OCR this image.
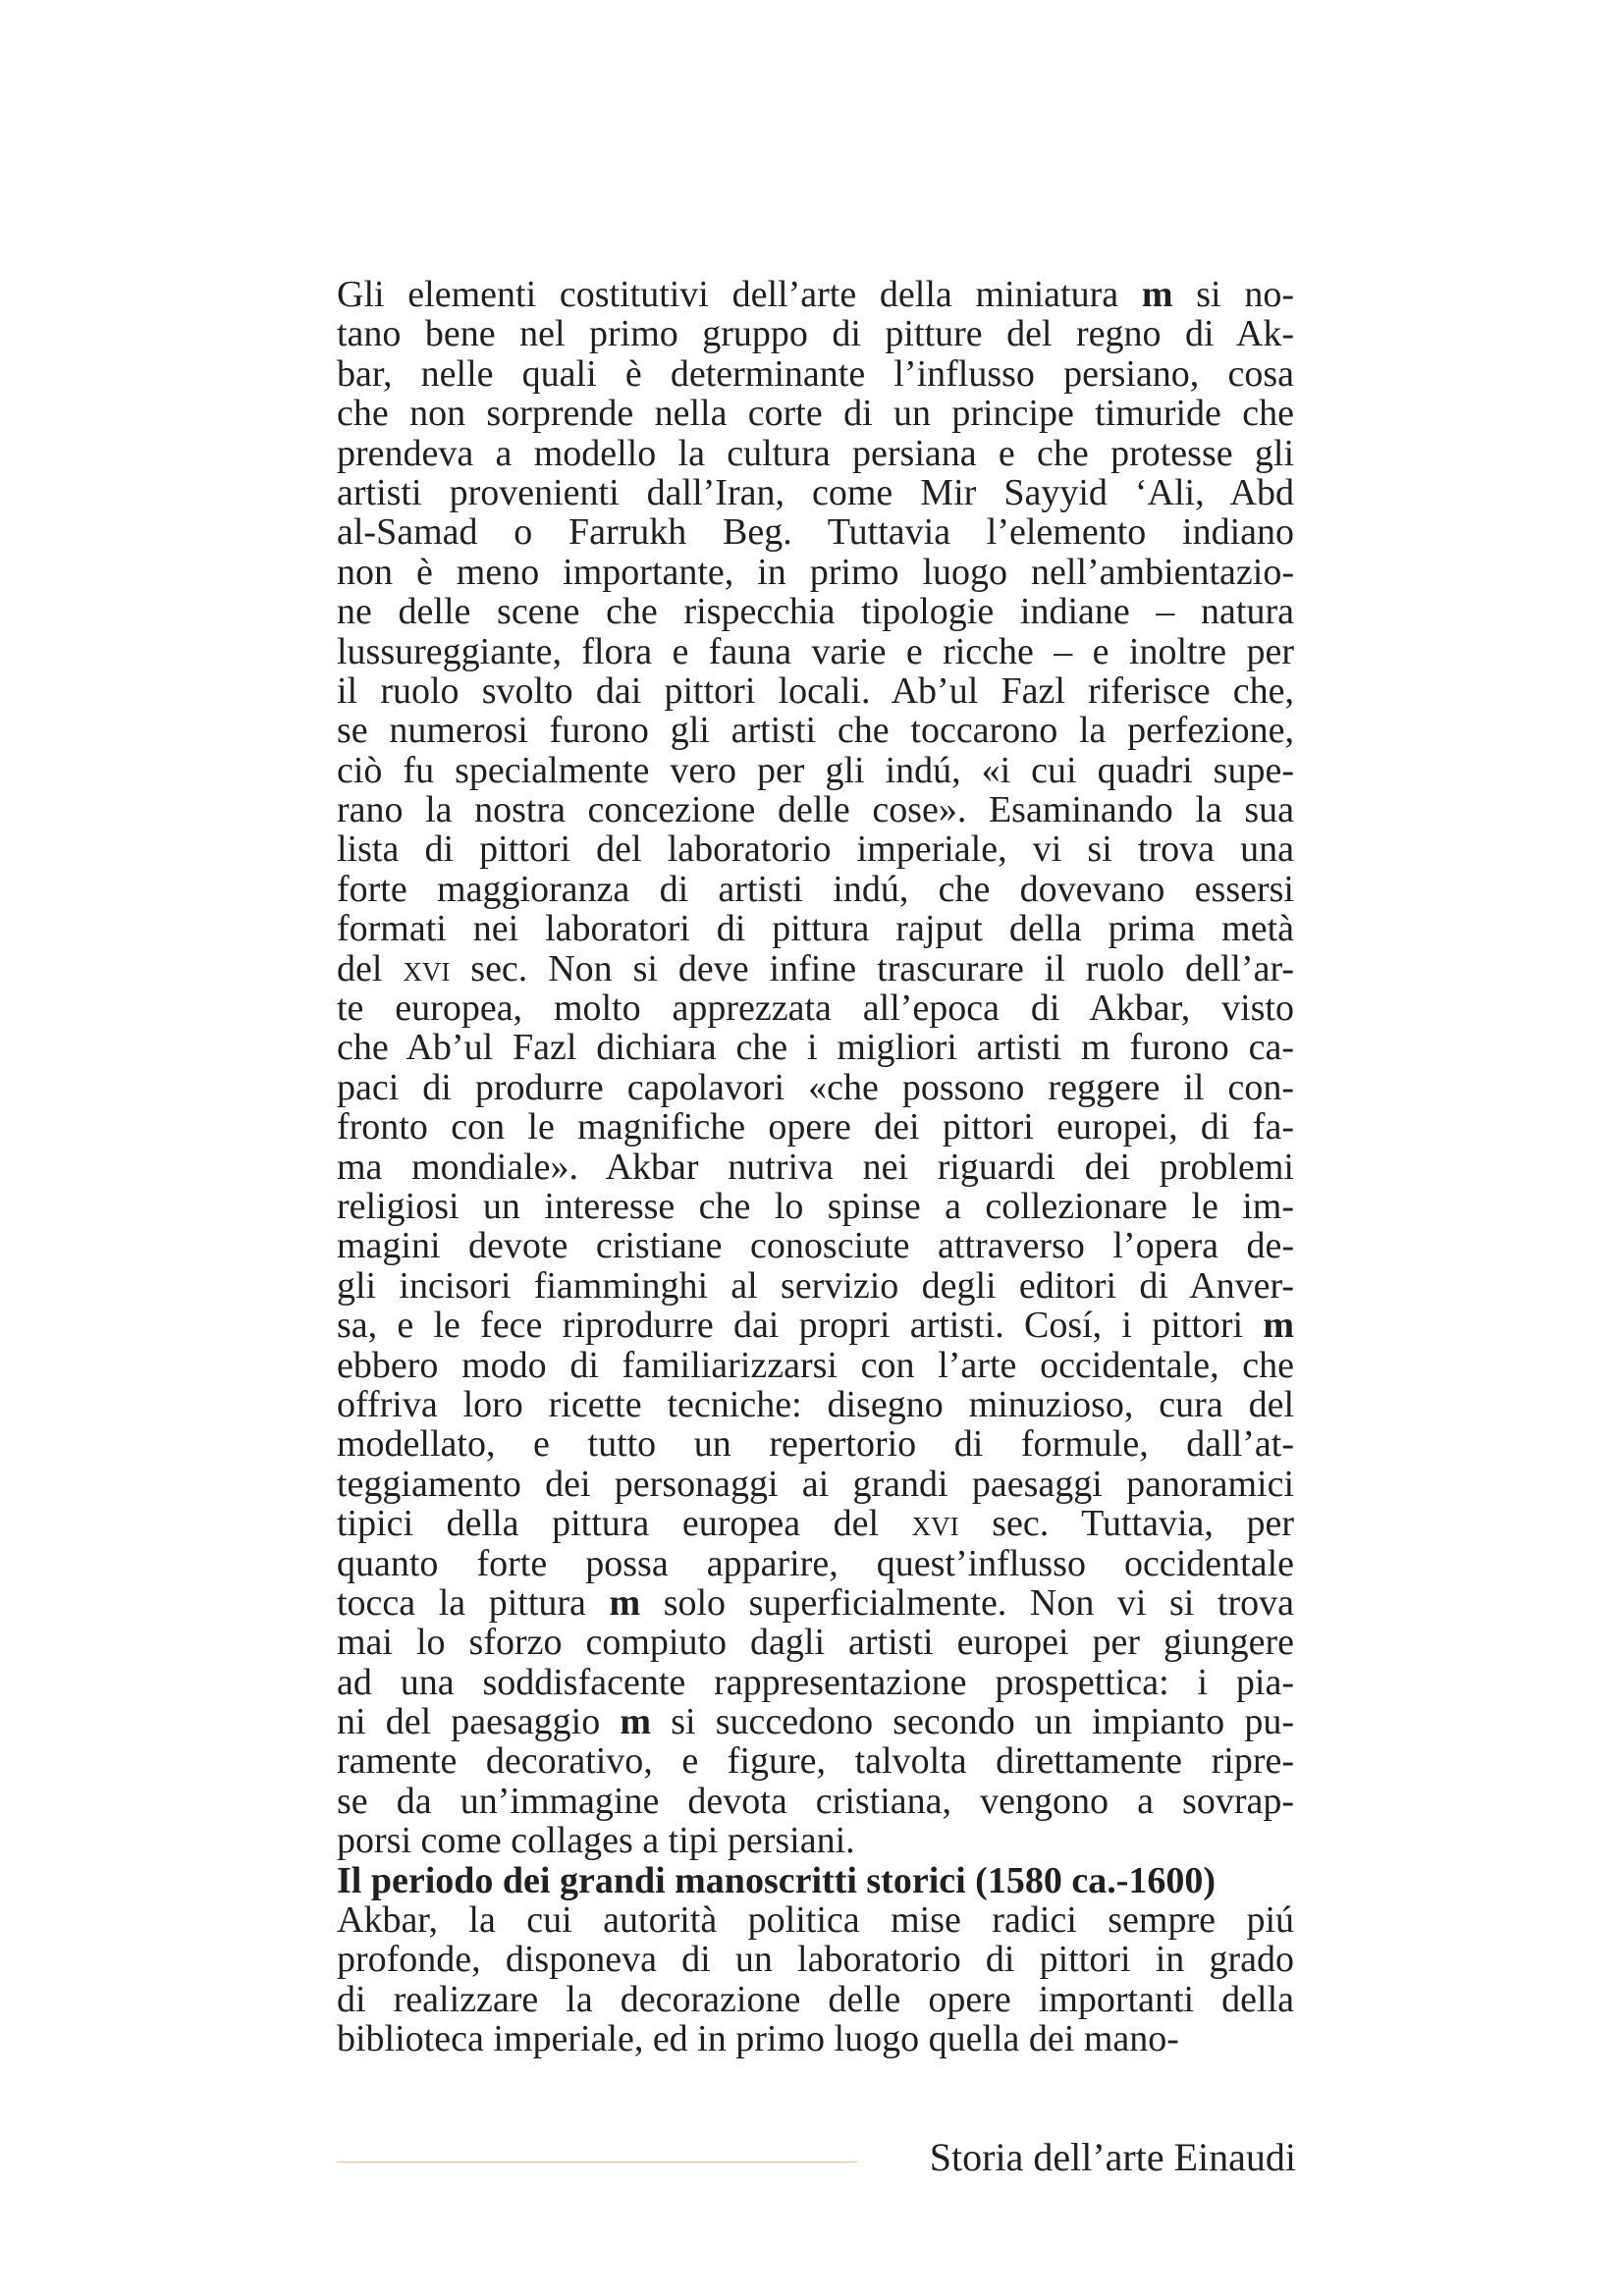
Gli elementi costitutivi dell’arte della miniatura m si no-
tano bene nel primo gruppo di pitture del regno di Ak-
bar, nelle quali è determinante l’influsso persiano, cosa
che non sorprende nella corte di un principe timuride che
prendeva a modello la cultura persiana e che protesse gli
artisti provenienti dall’Iran, come Mir Sayyid ‘Ali, Abd
al-Samad o Farrukh Beg. Tuttavia l’elemento indiano
non è meno importante, in primo luogo nell’ambientazio-
ne delle scene che rispecchia tipologie indiane – natura
lussureggiante, flora e fauna varie e ricche – e inoltre per
il ruolo svolto dai pittori locali. Ab’ul Fazl riferisce che,
se numerosi furono gli artisti che toccarono la perfezione,
ciò fu specialmente vero per gli indú, «i cui quadri supe-
rano la nostra concezione delle cose». Esaminando la sua
lista di pittori del laboratorio imperiale, vi si trova una
forte maggioranza di artisti indú, che dovevano essersi
formati nei laboratori di pittura rajput della prima metà
del xvi sec. Non si deve infine trascurare il ruolo dell’ar-
te europea, molto apprezzata all’epoca di Akbar, visto
che Ab’ul Fazl dichiara che i migliori artisti m furono ca-
paci di produrre capolavori «che possono reggere il con-
fronto con le magnifiche opere dei pittori europei, di fa-
ma mondiale». Akbar nutriva nei riguardi dei problemi
religiosi un interesse che lo spinse a collezionare le im-
magini devote cristiane conosciute attraverso l’opera de-
gli incisori fiamminghi al servizio degli editori di Anver-
sa, e le fece riprodurre dai propri artisti. Cosí, i pittori m
ebbero modo di familiarizzarsi con l’arte occidentale, che
offriva loro ricette tecniche: disegno minuzioso, cura del
modellato, e tutto un repertorio di formule, dall’at-
teggiamento dei personaggi ai grandi paesaggi panoramici
tipici della pittura europea del xvi sec. Tuttavia, per
quanto forte possa apparire, quest’influsso occidentale
tocca la pittura m solo superficialmente. Non vi si trova
mai lo sforzo compiuto dagli artisti europei per giungere
ad una soddisfacente rappresentazione prospettica: i pia-
ni del paesaggio m si succedono secondo un impianto pu-
ramente decorativo, e figure, talvolta direttamente ripre-
se da un’immagine devota cristiana, vengono a sovrap-
porsi come collages a tipi persiani.
Il periodo dei grandi manoscritti storici (1580 ca.-1600)
Akbar, la cui autorità politica mise radici sempre piú
profonde, disponeva di un laboratorio di pittori in grado
di realizzare la decorazione delle opere importanti della
biblioteca imperiale, ed in primo luogo quella dei mano-
Storia dell’arte Einaudi
